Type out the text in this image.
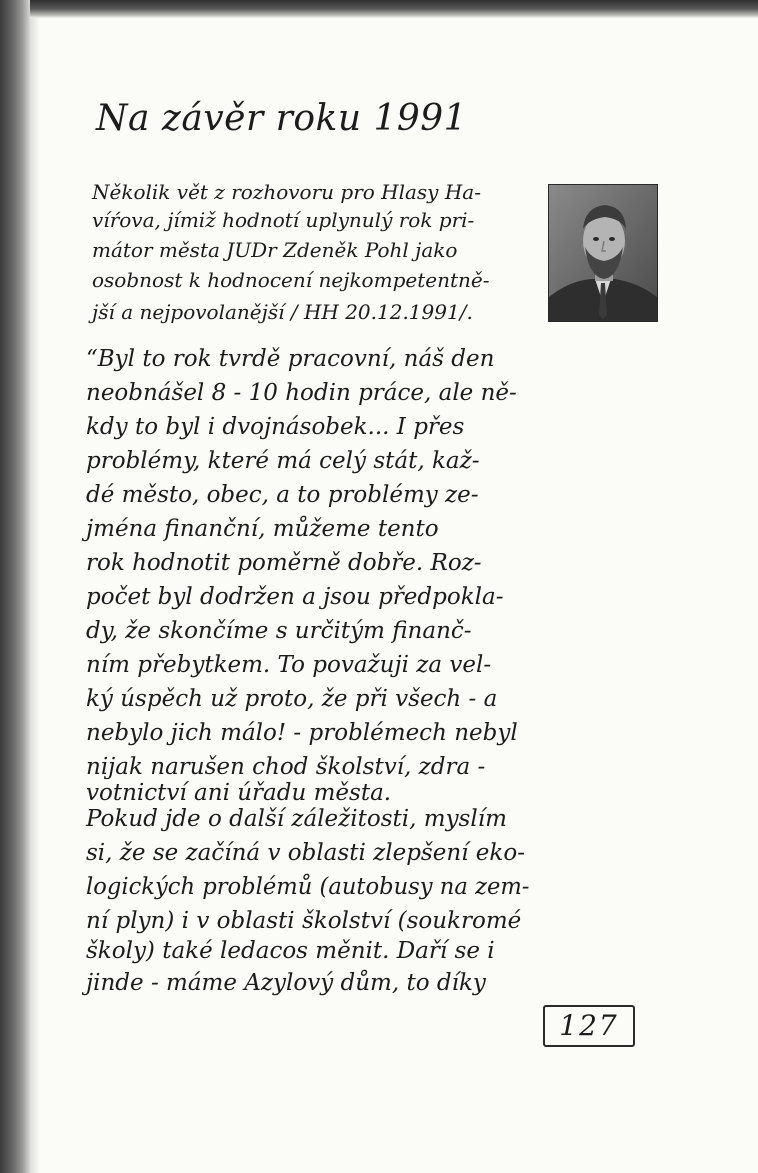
Na závěr roku 1991
Několik vět z rozhovoru pro Hlasy Ha-
víŕova, jímiž hodnotí uplynulý rok pri-
mátor města JUDr Zdeněk Pohl jako
osobnost k hodnocení nejkompetentně-
jší a nejpovolanější / HH 20.12.1991/.
“Byl to rok tvrdě pracovní, náš den
neobnášel 8 - 10 hodin práce, ale ně-
kdy to byl i dvojnásobek... I přes
problémy, které má celý stát, kaž-
dé město, obec, a to problémy ze-
jména finanční, můžeme tento
rok hodnotit poměrně dobře. Roz-
počet byl dodržen a jsou předpokla-
dy, že skončíme s určitým finanč-
ním přebytkem. To považuji za vel-
ký úspěch už proto, že při všech - a
nebylo jich málo! - problémech nebyl
nijak narušen chod školství, zdra -
votnictví ani úřadu města.
Pokud jde o další záležitosti, myslím
si, že se začíná v oblasti zlepšení eko-
logických problémů (autobusy na zem-
ní plyn) i v oblasti školství (soukromé
školy) také ledacos měnit. Daří se i
jinde - máme Azylový dům, to díky
127
